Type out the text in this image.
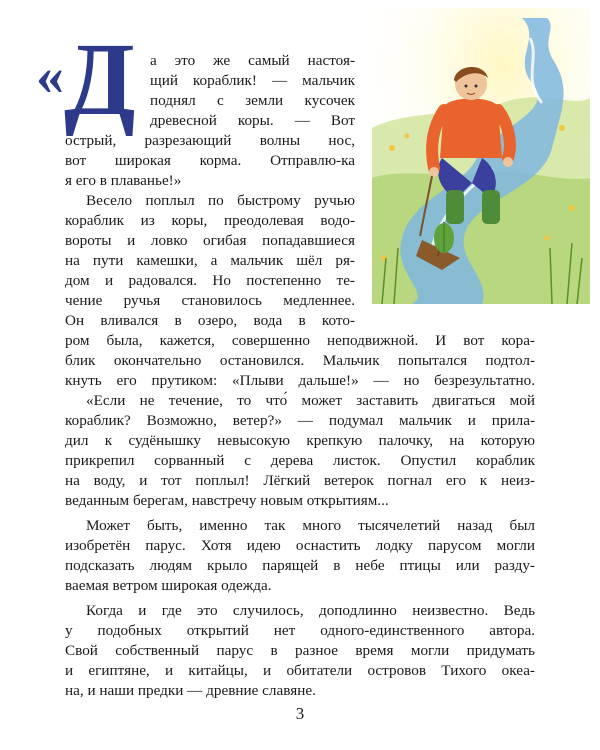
«Д а это же самый настоя-
щий кораблик! — мальчик
поднял с земли кусочек
древесной коры. — Вот
острый, разрезающий волны нос,
вот широкая корма. Отправлю-ка
я его в плаванье!»
Весело поплыл по быстрому ручью
кораблик из коры, преодолевая водо-
вороты и ловко огибая попадавшиеся
на пути камешки, а мальчик шёл ря-
дом и радовался. Но постепенно те-
чение ручья становилось медленнее.
Он вливался в озеро, вода в кото-
ром была, кажется, совершенно неподвижной. И вот кора-
блик окончательно остановился. Мальчик попытался подтол-
кнуть его прутиком: «Плыви дальше!» — но безрезультатно.
«Если не течение, то что́ может заставить двигаться мой
кораблик? Возможно, ветер?» — подумал мальчик и прила-
дил к судёнышку невысокую крепкую палочку, на которую
прикрепил сорванный с дерева листок. Опустил кораблик
на воду, и тот поплыл! Лёгкий ветерок погнал его к неиз-
веданным берегам, навстречу новым открытиям...
Может быть, именно так много тысячелетий назад был
изобретён парус. Хотя идею оснастить лодку парусом могли
подсказать людям крыло парящей в небе птицы или разду-
ваемая ветром широкая одежда.
Когда и где это случилось, доподлинно неизвестно. Ведь
у подобных открытий нет одного-единственного автора.
Свой собственный парус в разное время могли придумать
и египтяне, и китайцы, и обитатели островов Тихого океа-
на, и наши предки — древние славяне.
3
